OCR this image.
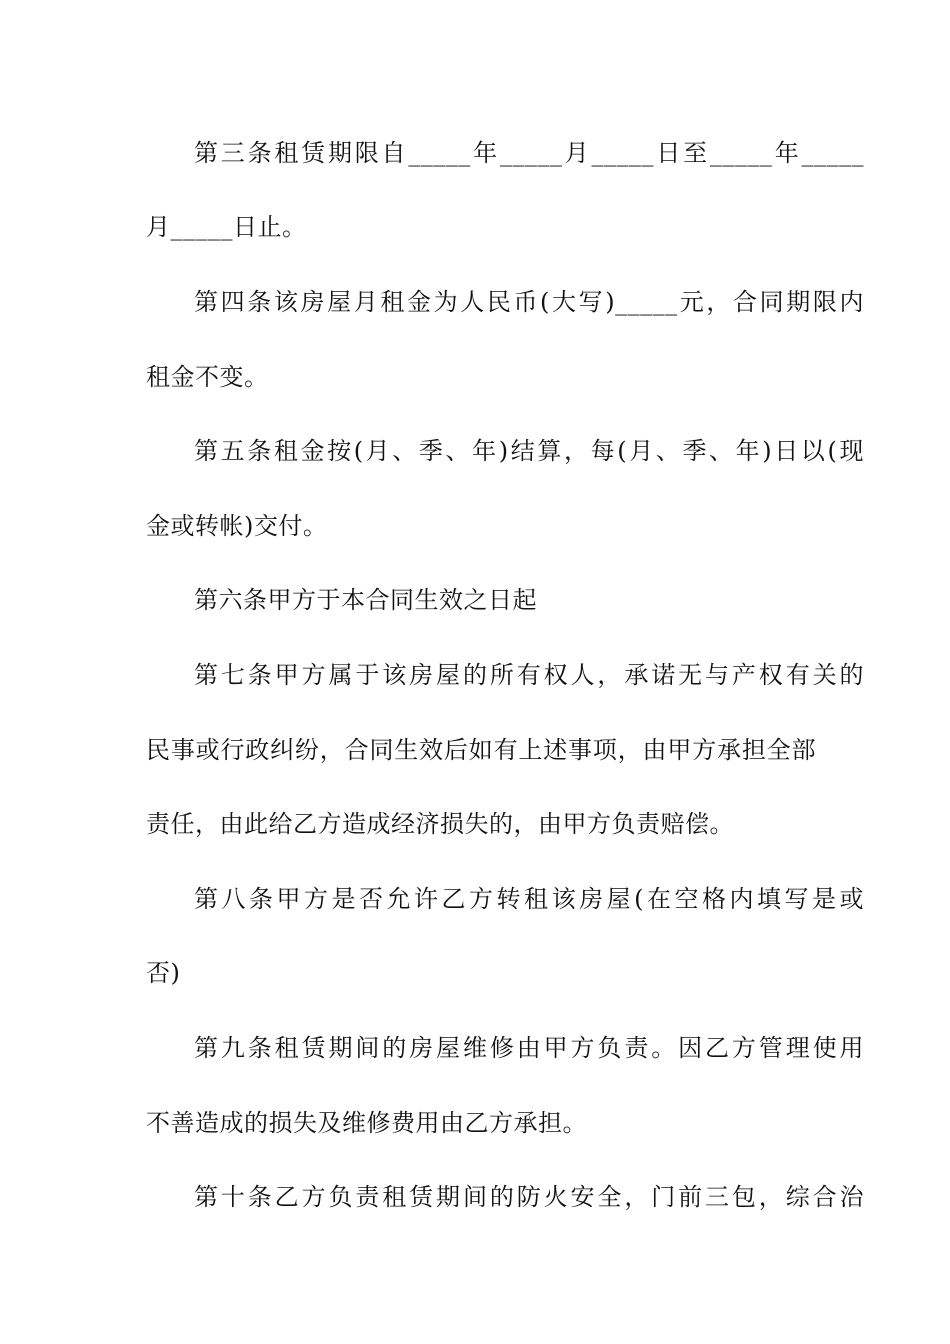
第三条租赁期限自_____年_____月_____日至_____年_____
月_____日止。
第四条该房屋月租金为人民币(大写)_____元，合同期限内
租金不变。
第五条租金按(月、季、年)结算，每(月、季、年)日以(现
金或转帐)交付。
第六条甲方于本合同生效之日起
第七条甲方属于该房屋的所有权人，承诺无与产权有关的
民事或行政纠纷，合同生效后如有上述事项，由甲方承担全部
责任，由此给乙方造成经济损失的，由甲方负责赔偿。
第八条甲方是否允许乙方转租该房屋(在空格内填写是或
否)
第九条租赁期间的房屋维修由甲方负责。因乙方管理使用
不善造成的损失及维修费用由乙方承担。
第十条乙方负责租赁期间的防火安全，门前三包，综合治
